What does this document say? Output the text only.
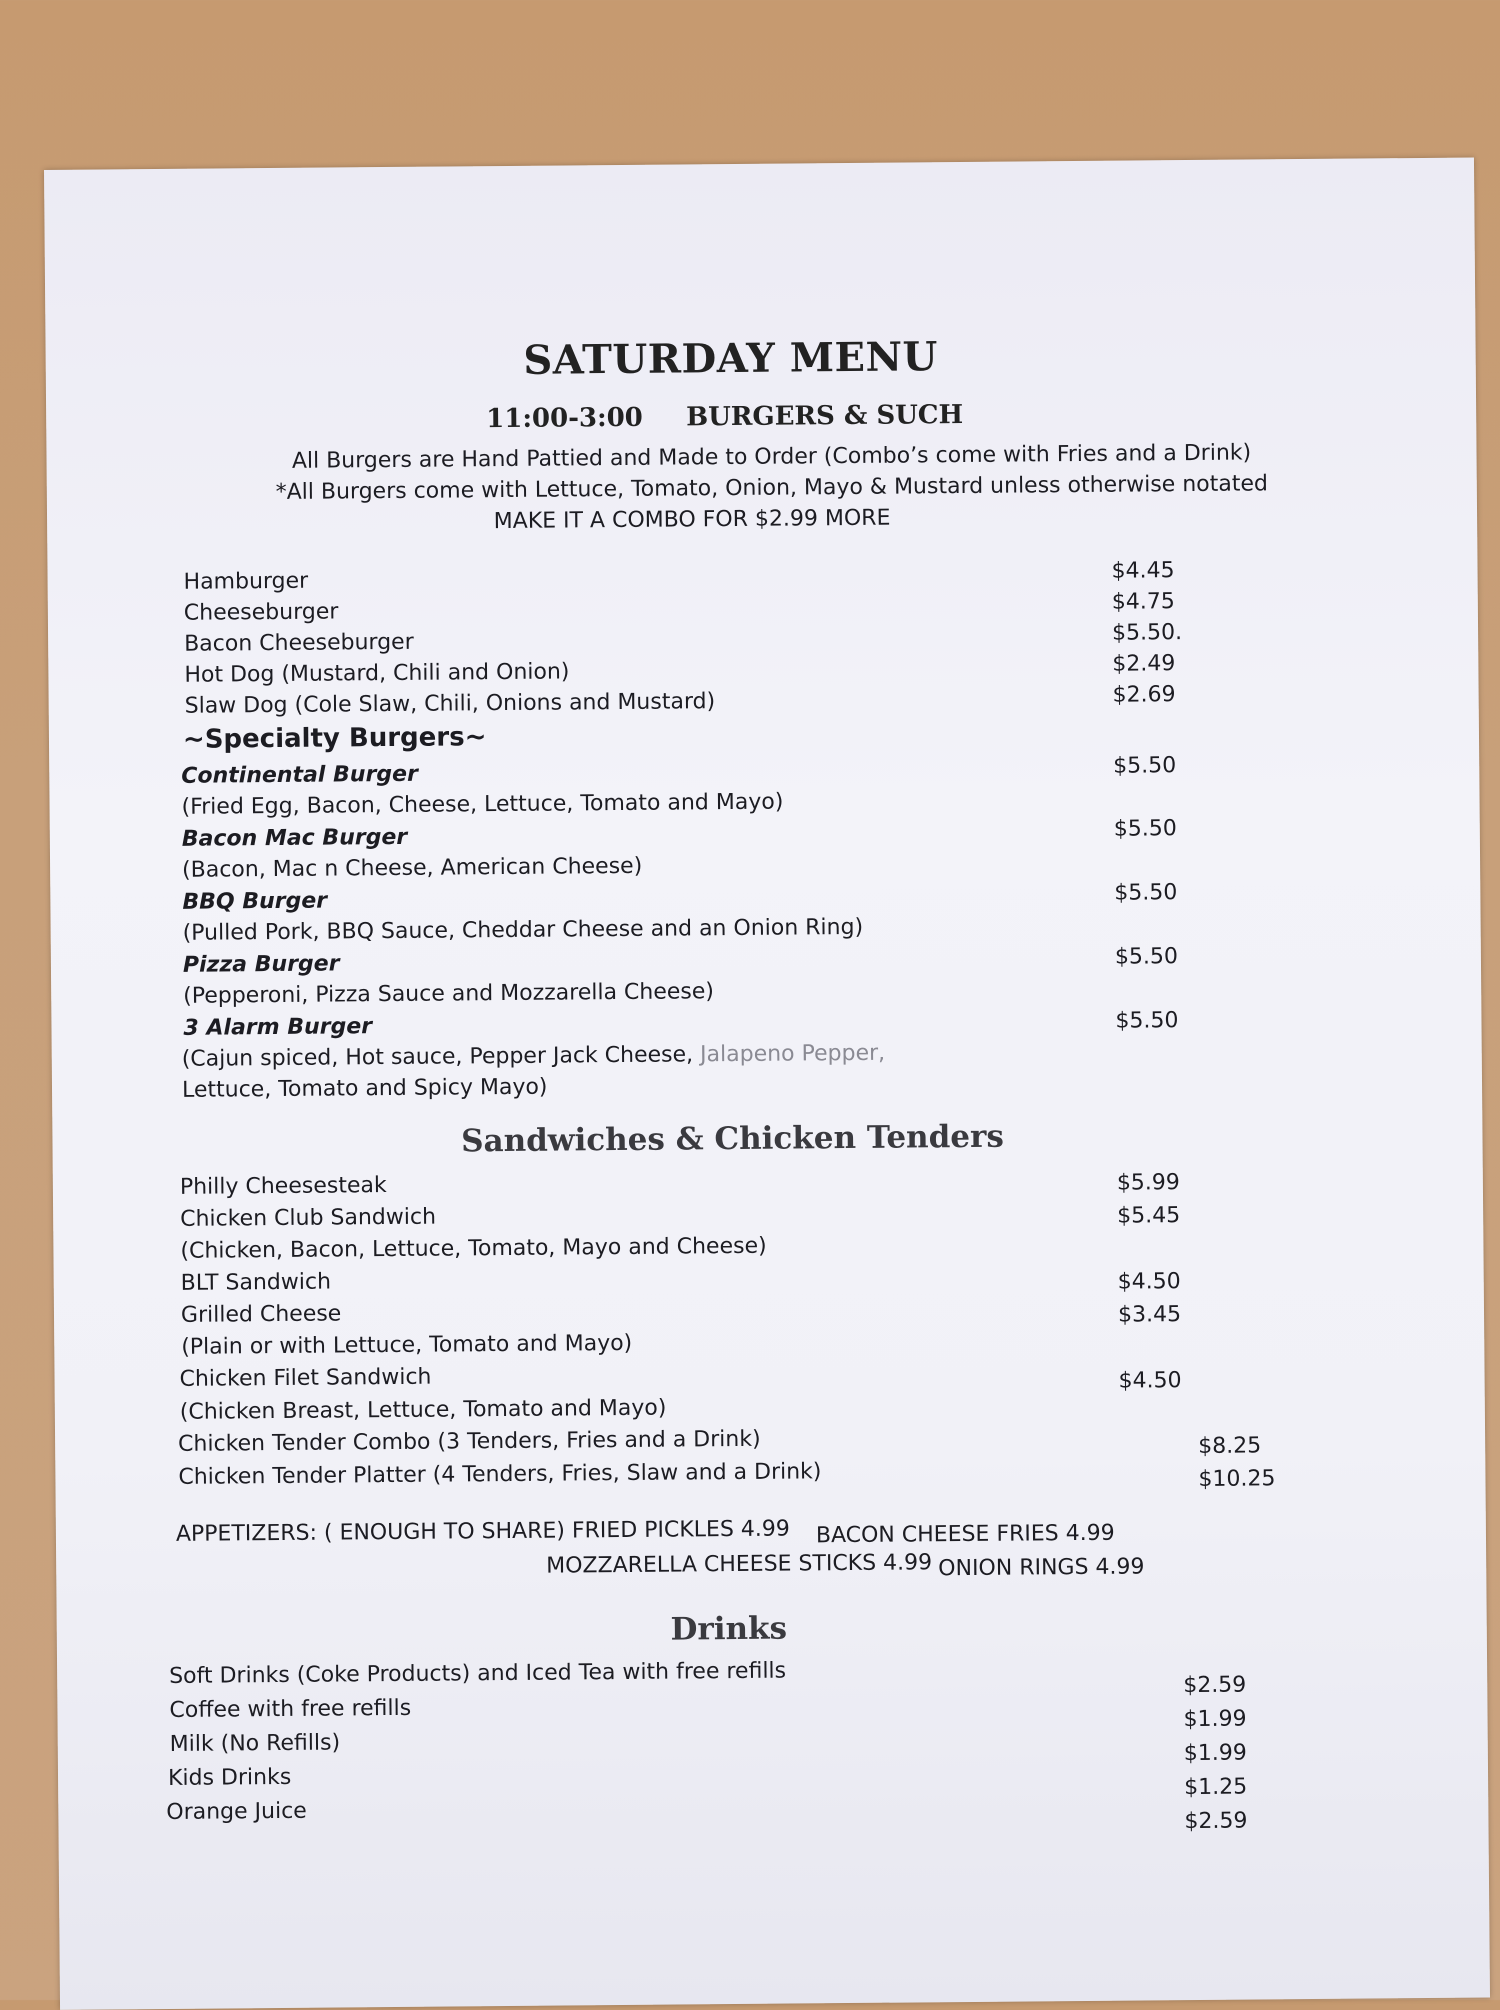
SATURDAY MENU
11:00-3:00 BURGERS & SUCH
All Burgers are Hand Pattied and Made to Order (Combo’s come with Fries and a Drink)
*All Burgers come with Lettuce, Tomato, Onion, Mayo & Mustard unless otherwise notated
MAKE IT A COMBO FOR $2.99 MORE
Hamburger	$4.45
Cheeseburger	$4.75
Bacon Cheeseburger	$5.50.
Hot Dog (Mustard, Chili and Onion)	$2.49
Slaw Dog (Cole Slaw, Chili, Onions and Mustard)	$2.69
~Specialty Burgers~
Continental Burger	$5.50
(Fried Egg, Bacon, Cheese, Lettuce, Tomato and Mayo)
Bacon Mac Burger	$5.50
(Bacon, Mac n Cheese, American Cheese)
BBQ Burger	$5.50
(Pulled Pork, BBQ Sauce, Cheddar Cheese and an Onion Ring)
Pizza Burger	$5.50
(Pepperoni, Pizza Sauce and Mozzarella Cheese)
3 Alarm Burger	$5.50
(Cajun spiced, Hot sauce, Pepper Jack Cheese, Jalapeno Pepper,
Lettuce, Tomato and Spicy Mayo)
Sandwiches & Chicken Tenders
Philly Cheesesteak	$5.99
Chicken Club Sandwich	$5.45
(Chicken, Bacon, Lettuce, Tomato, Mayo and Cheese)
BLT Sandwich	$4.50
Grilled Cheese	$3.45
(Plain or with Lettuce, Tomato and Mayo)
Chicken Filet Sandwich	$4.50
(Chicken Breast, Lettuce, Tomato and Mayo)
Chicken Tender Combo (3 Tenders, Fries and a Drink)	$8.25
Chicken Tender Platter (4 Tenders, Fries, Slaw and a Drink)	$10.25
APPETIZERS: ( ENOUGH TO SHARE) FRIED PICKLES 4.99 BACON CHEESE FRIES 4.99
MOZZARELLA CHEESE STICKS 4.99 ONION RINGS 4.99
Drinks
Soft Drinks (Coke Products) and Iced Tea with free refills	$2.59
Coffee with free refills	$1.99
Milk (No Refills)	$1.99
Kids Drinks	$1.25
Orange Juice	$2.59
